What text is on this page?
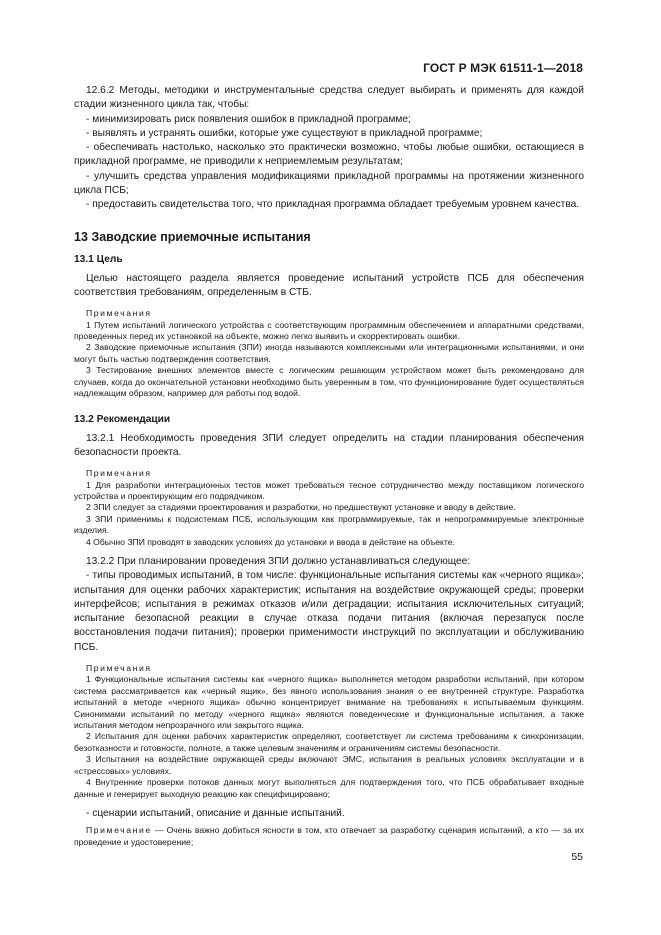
ГОСТ Р МЭК 61511-1—2018

12.6.2 Методы, методики и инструментальные средства следует выбирать и применять для каждой стадии жизненного цикла так, чтобы:

- минимизировать риск появления ошибок в прикладной программе;

- выявлять и устранять ошибки, которые уже существуют в прикладной программе;

- обеспечивать настолько, насколько это практически возможно, чтобы любые ошибки, остающиеся в прикладной программе, не приводили к неприемлемым результатам;

- улучшить средства управления модификациями прикладной программы на протяжении жизненного цикла ПСБ;

- предоставить свидетельства того, что прикладная программа обладает требуемым уровнем качества.

13 Заводские приемочные испытания
13.1 Цель

Целью настоящего раздела является проведение испытаний устройств ПСБ для обеспечения соответствия требованиям, определенным в СТБ.

Примечания

1 Путем испытаний логического устройства с соответствующим программным обеспечением и аппаратными средствами, проведенных перед их установкой на объекте, можно легко выявить и скорректировать ошибки.

2 Заводские приемочные испытания (ЗПИ) иногда называются комплексными или интеграционными испытаниями, и они могут быть частью подтверждения соответствия.

3 Тестирование внешних элементов вместе с логическим решающим устройством может быть рекомендовано для случаев, когда до окончательной установки необходимо быть уверенным в том, что функционирование будет осуществляться надлежащим образом, например для работы под водой.

13.2 Рекомендации

13.2.1 Необходимость проведения ЗПИ следует определить на стадии планирования обеспечения безопасности проекта.

Примечания

1 Для разработки интеграционных тестов может требоваться тесное сотрудничество между поставщиком логического устройства и проектирующим его подрядчиком.

2 ЗПИ следует за стадиями проектирования и разработки, но предшествуют установке и вводу в действие.

3 ЗПИ применимы к подсистемам ПСБ, использующим как программируемые, так и непрограммируемые электронные изделия.

4 Обычно ЗПИ проводят в заводских условиях до установки и ввода в действие на объекте.

13.2.2 При планировании проведения ЗПИ должно устанавливаться следующее:

- типы проводимых испытаний, в том числе: функциональные испытания системы как «черного ящика»; испытания для оценки рабочих характеристик; испытания на воздействие окружающей среды; проверки интерфейсов; испытания в режимах отказов и/или деградации; испытания исключительных ситуаций; испытание безопасной реакции в случае отказа подачи питания (включая перезапуск после восстановления подачи питания); проверки применимости инструкций по эксплуатации и обслуживанию ПСБ.

Примечания

1 Функциональные испытания системы как «черного ящика» выполняется методом разработки испытаний, при котором система рассматривается как «черный ящик», без явного использования знания о ее внутренней структуре. Разработка испытаний в методе «черного ящика» обычно концентрирует внимание на требованиях к испытываемым функциям. Синонимами испытаний по методу «черного ящика» являются поведенческие и функциональные испытания, а также испытания методом непрозрачного или закрытого ящика.

2 Испытания для оценки рабочих характеристик определяют, соответствует ли система требованиям к синхронизации, безотказности и готовности, полноте, а также целевым значениям и ограничениям системы безопасности.

3 Испытания на воздействие окружающей среды включают ЭМС, испытания в реальных условиях эксплуатации и в «стрессовых» условиях.

4 Внутренние проверки потоков данных могут выполняться для подтверждения того, что ПСБ обрабатывает входные данные и генерирует выходную реакцию как специфицировано;

- сценарии испытаний, описание и данные испытаний.

Примечание — Очень важно добиться ясности в том, кто отвечает за разработку сценария испытаний, а кто — за их проведение и удостоверение;

55
